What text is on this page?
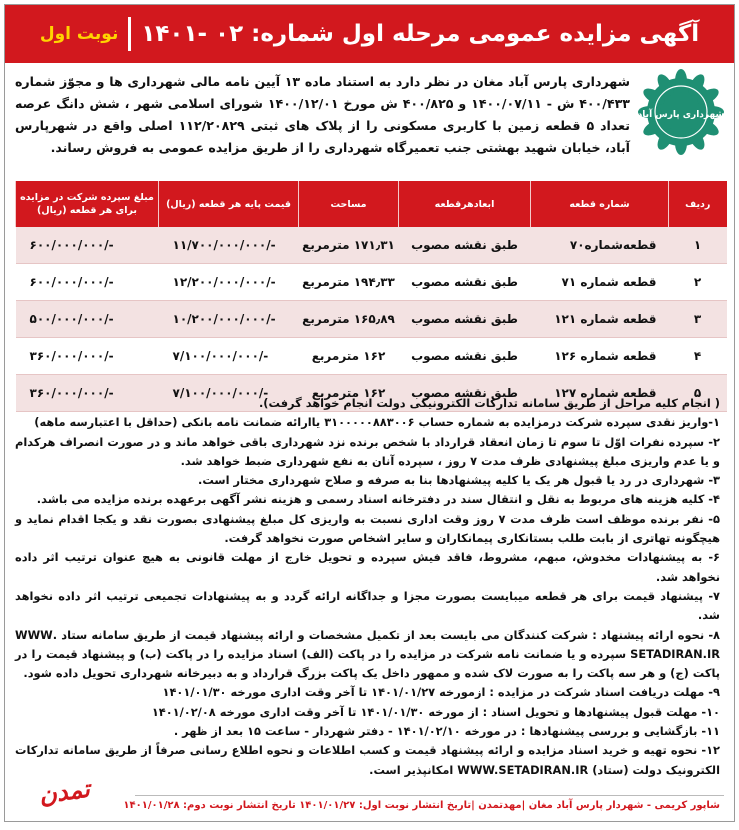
آگهی مزایده عمومی مرحله اول شماره: ۰۲ -۱۴۰۱
نوبت اول
شهرداری پارس آباد
شهرداری پارس آباد مغان در نظر دارد به استناد ماده ۱۳ آیین نامه مالی شهرداری ها و مجوّز شماره ۴۰۰/۴۳۳ ش - ۱۴۰۰/۰۷/۱۱ و ۴۰۰/۸۲۵ ش مورخ ۱۴۰۰/۱۲/۰۱ شورای اسلامی شهر ، شش دانگ عرصه تعداد ۵ قطعه زمین با کاربری مسکونی را از پلاک های ثبتی ۱۱۲/۲۰۸۲۹ اصلی واقع در شهرپارس آباد، خیابان شهید بهشتی جنب تعمیرگاه شهرداری را از طریق مزایده عمومی به فروش رساند.
ردیف	شماره قطعه	ابعادهرقطعه	مساحت	قیمت پایه هر قطعه (ریال)	مبلغ سپرده شرکت در مزایده برای هر قطعه (ریال)
۱	قطعه‌شماره۷۰	طبق نقشه مصوب	۱۷۱٫۳۱ مترمربع	-/۱۱/۷۰۰/۰۰۰/۰۰۰	-/۶۰۰/۰۰۰/۰۰۰
۲	قطعه شماره ۷۱	طبق نقشه مصوب	۱۹۴٫۳۳ مترمربع	-/۱۲/۲۰۰/۰۰۰/۰۰۰	-/۶۰۰/۰۰۰/۰۰۰
۳	قطعه شماره ۱۲۱	طبق نقشه مصوب	۱۶۵٫۸۹ مترمربع	-/۱۰/۲۰۰/۰۰۰/۰۰۰	-/۵۰۰/۰۰۰/۰۰۰
۴	قطعه شماره ۱۲۶	طبق نقشه مصوب	۱۶۲ مترمربع	-/۷/۱۰۰/۰۰۰/۰۰۰	-/۳۶۰/۰۰۰/۰۰۰
۵	قطعه شماره ۱۲۷	طبق نقشه مصوب	۱۶۲ مترمربع	-/۷/۱۰۰/۰۰۰/۰۰۰	-/۳۶۰/۰۰۰/۰۰۰

( انجام کلیه مراحل از طریق سامانه تدارکات الکترونیکی دولت انجام خواهد گرفت).

۱-واریز نقدی سپرده شرکت درمزایده به شماره حساب ۳۱۰۰۰۰۰۸۸۳۰۰۶ یاارائه ضمانت نامه بانکی (حداقل با اعتبارسه ماهه)

۲- سپرده نفرات اوّل تا سوم تا زمان انعقاد قرارداد با شخص برنده نزد شهرداری باقی خواهد ماند و در صورت انصراف هرکدام و یا عدم واریزی مبلغ پیشنهادی ظرف مدت ۷ روز ، سپرده آنان به نفع شهرداری ضبط خواهد شد.

۳- شهرداری در رد یا قبول هر یک یا کلیه پیشنهادها بنا به صرفه و صلاح شهرداری مختار است.

۴- کلیه هزینه های مربوط به نقل و انتقال سند در دفترخانه اسناد رسمی و هزینه نشر آگهی برعهده برنده مزایده می باشد.

۵- نفر برنده موظف است ظرف مدت ۷ روز وقت اداری نسبت به واریزی کل مبلغ پیشنهادی بصورت نقد و یکجا اقدام نماید و هیچگونه تهاتری از بابت طلب بستانکاری پیمانکاران و سایر اشخاص صورت نخواهد گرفت.

۶- به پیشنهادات مخدوش، مبهم، مشروط، فاقد فیش سپرده و تحویل خارج از مهلت قانونی به هیچ عنوان ترتیب اثر داده نخواهد شد.

۷- پیشنهاد قیمت برای هر قطعه میبایست بصورت مجزا و جداگانه ارائه گردد و به پیشنهادات تجمیعی ترتیب اثر داده نخواهد شد.

۸- نحوه ارائه پیشنهاد : شرکت کنندگان می بایست بعد از تکمیل مشخصات و ارائه پیشنهاد قیمت از طریق سامانه ستاد .WWW SETADIRAN.IR سپرده و یا ضمانت نامه شرکت در مزایده را در پاکت (الف) اسناد مزایده را در پاکت (ب) و پیشنهاد قیمت را در پاکت (ج) و هر سه پاکت را به صورت لاک شده و ممهور داخل یک پاکت بزرگ قرارداد و به دبیرخانه شهرداری تحویل داده شود.

۹- مهلت دریافت اسناد شرکت در مزایده : ازمورخه ۱۴۰۱/۰۱/۲۷ تا آخر وقت اداری مورخه ۱۴۰۱/۰۱/۳۰

۱۰- مهلت قبول پیشنهادها و تحویل اسناد : از مورخه ۱۴۰۱/۰۱/۳۰ تا آخر وقت اداری مورخه ۱۴۰۱/۰۲/۰۸

۱۱- بازگشایی و بررسی پیشنهادها : در مورخه ۱۴۰۱/۰۲/۱۰ - دفتر شهردار - ساعت ۱۵ بعد از ظهر .

۱۲- نحوه تهیه و خرید اسناد مزایده و ارائه پیشنهاد قیمت و کسب اطلاعات و نحوه اطلاع رسانی صرفاً از طریق سامانه تدارکات الکترونیک دولت (ستاد) WWW.SETADIRAN.IR امکانپذیر است.

شاپور کریمی - شهردار پارس آباد مغان |مهدتمدن |تاریخ انتشار نوبت اول: ۱۴۰۱/۰۱/۲۷ تاریخ انتشار نوبت دوم: ۱۴۰۱/۰۱/۲۸
تمدن
